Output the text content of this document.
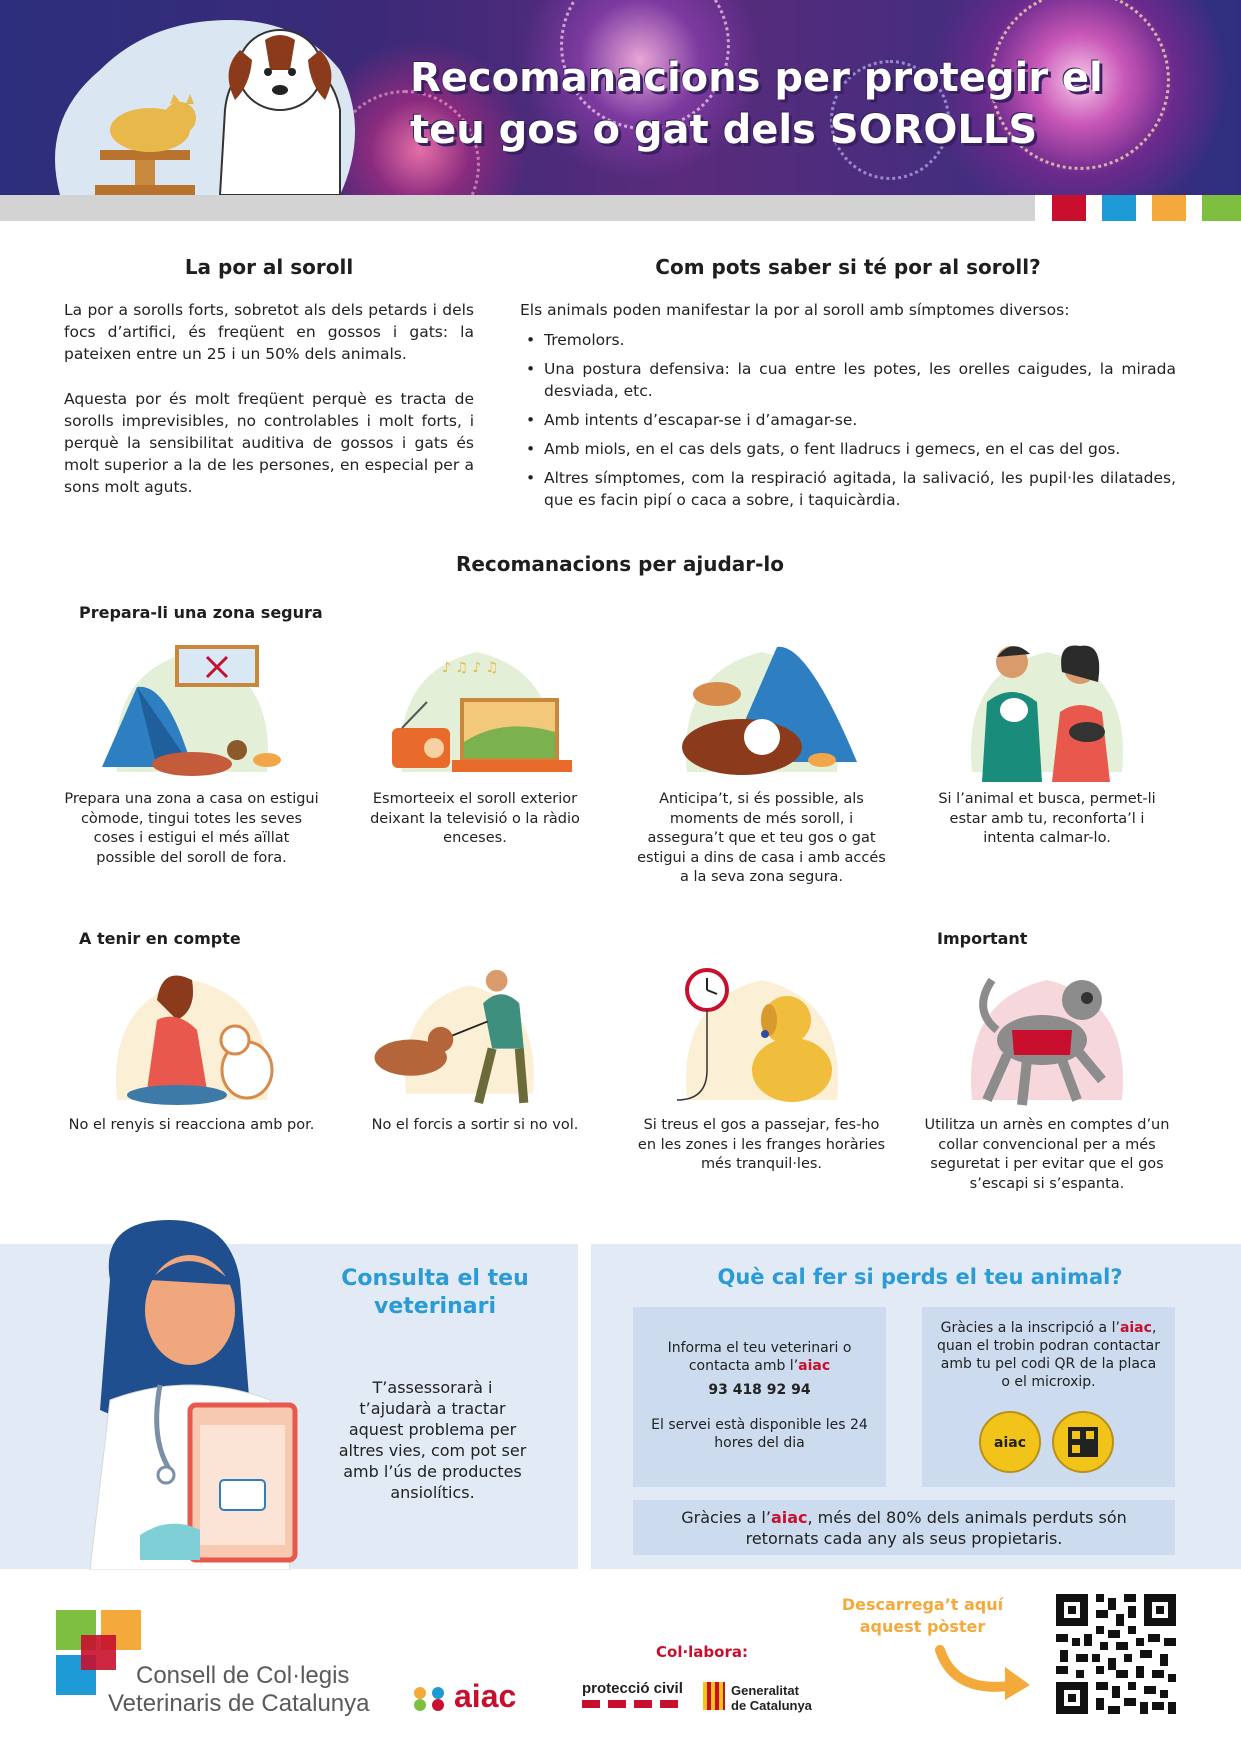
Recomanacions per protegir el
teu gos o gat dels SOROLLS
La por al soroll
La por a sorolls forts, sobretot als dels petards i dels focs d’artifici, és freqüent en gossos i gats: la pateixen entre un 25 i un 50% dels animals.
Aquesta por és molt freqüent perquè es tracta de sorolls imprevisibles, no controlables i molt forts, i perquè la sensibilitat auditiva de gossos i gats és molt superior a la de les persones, en especial per a sons molt aguts.
Com pots saber si té por al soroll?
Els animals poden manifestar la por al soroll amb símptomes diversos:
• Tremolors.
• Una postura defensiva: la cua entre les potes, les orelles caigudes, la mirada desviada, etc.
• Amb intents d’escapar-se i d’amagar-se.
• Amb miols, en el cas dels gats, o fent lladrucs i gemecs, en el cas del gos.
• Altres símptomes, com la respiració agitada, la salivació, les pupil·les dilatades, que es facin pipí o caca a sobre, i taquicàrdia.
Recomanacions per ajudar-lo
Prepara-li una zona segura
♪ ♫ ♪ ♫
Prepara una zona a casa on estigui còmode, tingui totes les seves coses i estigui el més aïllat possible del soroll de fora.
Esmorteeix el soroll exterior deixant la televisió o la ràdio enceses.
Anticipa’t, si és possible, als moments de més soroll, i assegura’t que et teu gos o gat estigui a dins de casa i amb accés a la seva zona segura.
Si l’animal et busca, permet-li estar amb tu, reconforta’l i intenta calmar-lo.
A tenir en compte	Important
No el renyis si reacciona amb por.	No el forcis a sortir si no vol.	Si treus el gos a passejar, fes-ho en les zones i les franges horàries més tranquil·les.
Utilitza un arnès en comptes d’un collar convencional per a més seguretat i per evitar que el gos s’escapi si s’espanta.
Consulta el teu
veterinari
T’assessorarà i t’ajudarà a tractar aquest problema per altres vies, com pot ser amb l’ús de productes ansiolítics.
Què cal fer si perds el teu animal?
Informa el teu veterinari o contacta amb l’aiac
93 418 92 94
El servei està disponible les 24 hores del dia
Gràcies a la inscripció a l’aiac, quan el trobin podran contactar amb tu pel codi QR de la placa o el microxip.
aiac
Gràcies a l’aiac, més del 80% dels animals perduts són retornats cada any als seus propietaris.
Consell de Col·legis
Veterinaris de Catalunya	aiac
Col·labora:
protecció civil	Generalitat
de Catalunya
Descarrega’t aquí
aquest pòster
